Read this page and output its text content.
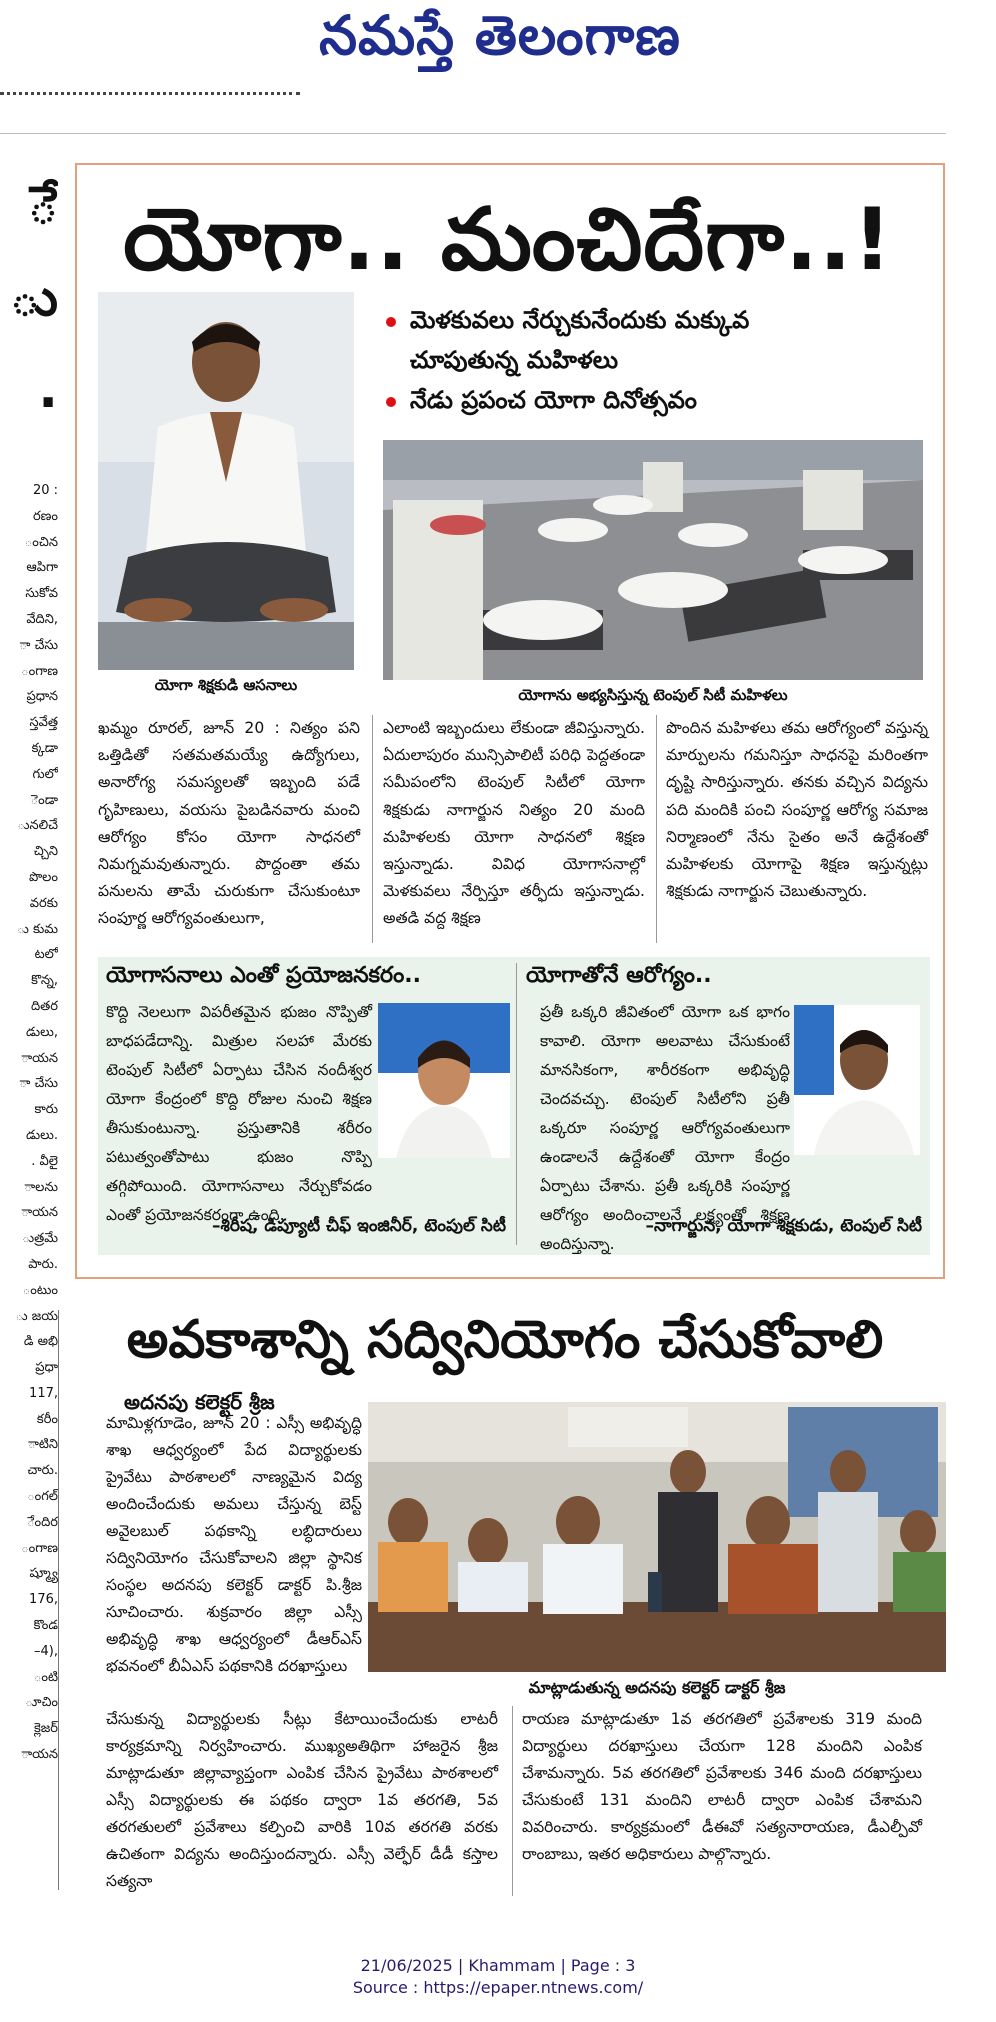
నమస్తే తెలంగాణ
ే
ు
.
20 :
రణం
ంచిన
ఆపిగా
సుకోవ
వేదిని,
ా చేసు
ంగాణ
ప్రధాన
స్తవేత్త
క్కడా
గులో
ెండా
ునలిచే
చ్చిని
పొలం
వరకు
ు కుమ
టలో
కొన్న,
దితర
డులు,
ాయన
ా చేసు
కారు
డులు.
. వీలై
ాలను
ాయన
ుత్రమే
పారు.
ంటుం
ు జయ
డి అభి
ప్రధా
117,
కరీం
ాటిని
చారు.
ంగల్
ేందిర
ంగాణ
ష్మ్యూ
176,
కొండ
–4),
ంటి
ూచిం
క్లెజర్
ాయన
యోగా.. మంచిదేగా..!
యోగా శిక్షకుడి ఆసనాలు
మెళకువలు నేర్చుకునేందుకు మక్కువ
చూపుతున్న మహిళలు
నేడు ప్రపంచ యోగా దినోత్సవం
యోగాను అభ్యసిస్తున్న టెంపుల్ సిటీ మహిళలు
ఖమ్మం రూరల్, జూన్ 20 : నిత్యం పని ఒత్తిడితో సతమతమయ్యే ఉద్యోగులు, అనారోగ్య సమస్యలతో ఇబ్బంది పడే గృహిణులు, వయసు పైబడినవారు మంచి ఆరోగ్యం కోసం యోగా సాధనలో నిమగ్నమవుతున్నారు. పొద్దంతా తమ పనులను తామే చురుకుగా చేసుకుంటూ సంపూర్ణ ఆరోగ్యవంతులుగా,
ఎలాంటి ఇబ్బందులు లేకుండా జీవిస్తున్నారు. ఏదులాపురం మున్సిపాలిటీ పరిధి పెద్దతండా సమీపంలోని టెంపుల్ సిటీలో యోగా శిక్షకుడు నాగార్జున నిత్యం 20 మంది మహిళలకు యోగా సాధనలో శిక్షణ ఇస్తున్నాడు. వివిధ యోగాసనాల్లో మెళకువలు నేర్పిస్తూ తర్ఫీదు ఇస్తున్నాడు. అతడి వద్ద శిక్షణ
పొందిన మహిళలు తమ ఆరోగ్యంలో వస్తున్న మార్పులను గమనిస్తూ సాధనపై మరింతగా దృష్టి సారిస్తున్నారు. తనకు వచ్చిన విద్యను పది మందికి పంచి సంపూర్ణ ఆరోగ్య సమాజ నిర్మాణంలో నేను సైతం అనే ఉద్దేశంతో మహిళలకు యోగాపై శిక్షణ ఇస్తున్నట్లు శిక్షకుడు నాగార్జున చెబుతున్నారు.
యోగాసనాలు ఎంతో ప్రయోజనకరం..
కొద్ది నెలలుగా విపరీతమైన భుజం నొప్పితో బాధపడేదాన్ని. మిత్రుల సలహా మేరకు టెంపుల్ సిటీలో ఏర్పాటు చేసిన నందీశ్వర యోగా కేంద్రంలో కొద్ది రోజుల నుంచి శిక్షణ తీసుకుంటున్నా. ప్రస్తుతానికి శరీరం పటుత్వంతోపాటు భుజం నొప్పి తగ్గిపోయింది. యోగాసనాలు నేర్చుకోవడం ఎంతో ప్రయోజనకరంగా ఉంది.
–శిరీష, డిప్యూటీ చీఫ్ ఇంజినీర్, టెంపుల్ సిటీ
యోగాతోనే ఆరోగ్యం..
ప్రతీ ఒక్కరి జీవితంలో యోగా ఒక భాగం కావాలి. యోగా అలవాటు చేసుకుంటే మానసికంగా, శారీరకంగా అభివృద్ధి చెందవచ్చు. టెంపుల్ సిటీలోని ప్రతీ ఒక్కరూ సంపూర్ణ ఆరోగ్యవంతులుగా ఉండాలనే ఉద్దేశంతో యోగా కేంద్రం ఏర్పాటు చేశాను. ప్రతీ ఒక్కరికి సంపూర్ణ ఆరోగ్యం అందించాలనే లక్ష్యంతో శిక్షణ అందిస్తున్నా.
–నాగార్జున, యోగా శిక్షకుడు, టెంపుల్ సిటీ
అవకాశాన్ని సద్వినియోగం చేసుకోవాలి
అదనపు కలెక్టర్ శ్రీజ
మాట్లాడుతున్న అదనపు కలెక్టర్ డాక్టర్ శ్రీజ
మామిళ్లగూడెం, జూన్ 20 : ఎస్సీ అభివృద్ధి శాఖ ఆధ్వర్యంలో పేద విద్యార్థులకు ప్రైవేటు పాఠశాలలో నాణ్యమైన విద్య అందించేందుకు అమలు చేస్తున్న బెస్ట్ అవైలబుల్ పథకాన్ని లబ్ధిదారులు సద్వినియోగం చేసుకోవాలని జిల్లా స్థానిక సంస్థల అదనపు కలెక్టర్ డాక్టర్ పి.శ్రీజ సూచించారు. శుక్రవారం జిల్లా ఎస్సీ అభివృద్ధి శాఖ ఆధ్వర్యంలో డీఆర్ఎస్ భవనంలో బీఏఎస్ పథకానికి దరఖాస్తులు
చేసుకున్న విద్యార్థులకు సీట్లు కేటాయించేందుకు లాటరీ కార్యక్రమాన్ని నిర్వహించారు. ముఖ్యఅతిథిగా హాజరైన శ్రీజ మాట్లాడుతూ జిల్లావ్యాప్తంగా ఎంపిక చేసిన ప్రైవేటు పాఠశాలలో ఎస్సీ విద్యార్థులకు ఈ పథకం ద్వారా 1వ తరగతి, 5వ తరగతులలో ప్రవేశాలు కల్పించి వారికి 10వ తరగతి వరకు ఉచితంగా విద్యను అందిస్తుందన్నారు. ఎస్సీ వెల్ఫేర్ డీడీ కస్తాల సత్యనా
రాయణ మాట్లాడుతూ 1వ తరగతిలో ప్రవేశాలకు 319 మంది విద్యార్థులు దరఖాస్తులు చేయగా 128 మందిని ఎంపిక చేశామన్నారు. 5వ తరగతిలో ప్రవేశాలకు 346 మంది దరఖాస్తులు చేసుకుంటే 131 మందిని లాటరీ ద్వారా ఎంపిక చేశామని వివరించారు. కార్యక్రమంలో డీఈవో సత్యనారాయణ, డీఎల్పీవో రాంబాబు, ఇతర అధికారులు పాల్గొన్నారు.
21/06/2025 | Khammam | Page : 3
Source : https://epaper.ntnews.com/
